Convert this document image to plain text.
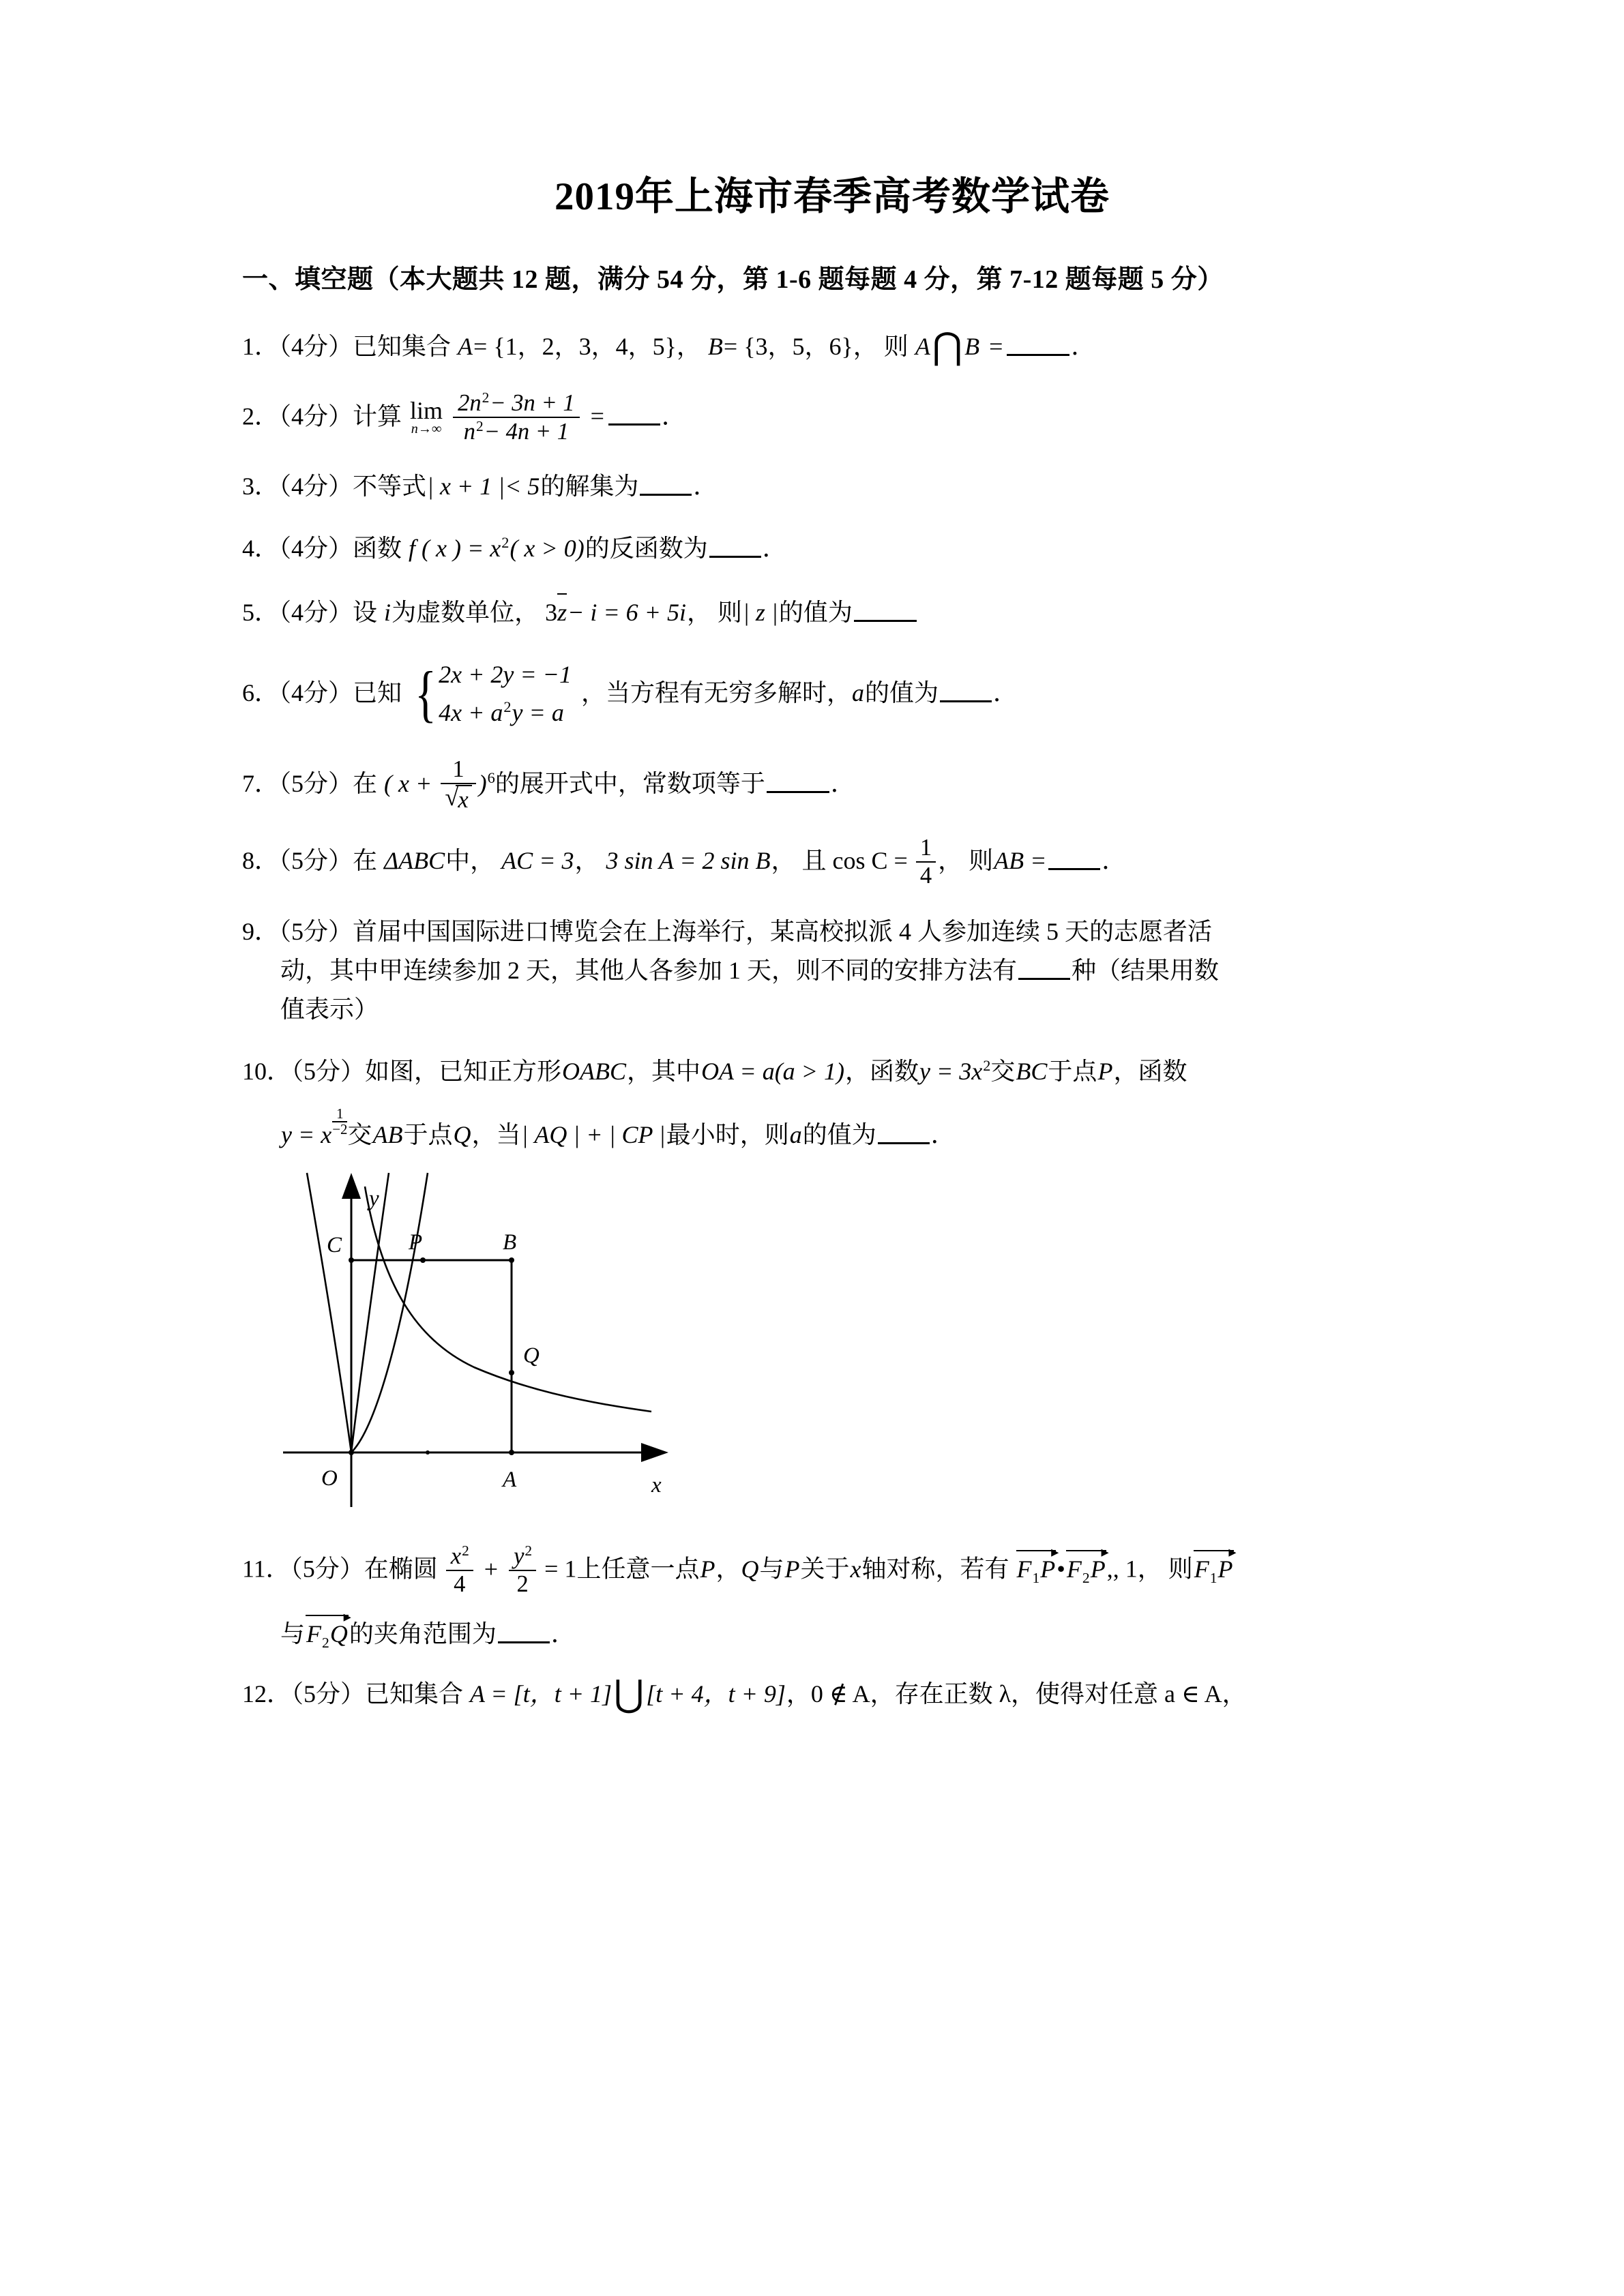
2019年上海市春季高考数学试卷
一、填空题（本大题共 12 题，满分 54 分，第 1-6 题每题 4 分，第 7-12 题每题 5 分）
1．（4分）已知集合 A= {1，2，3，4，5}， B= {3，5，6}， 则 A⋂B =	．
2．（4分）计算 lim
n→∞
$\frac{2n^2- 3n + 1}{n^2- 4n + 1}$ = ．
3．（4分）不等式| x + 1 |< 5的解集为 ．
4．（4分）函数 f ( x ) = $x^2$( x > 0)的反函数为 ．
5．（4分）设 i为虚数单位， 3z− i = 6 + 5i， 则| z |的值为
6．（4分）已知 { 2x + 2y = −1
$4x + a^2y = a$
，当方程有无穷多解时，a的值为 ．
7．（5分）在 ( $x + \frac{1}{√ x} )^6$的展开式中，常数项等于	．
8．（5分）在 ΔABC中， AC = 3， 3 sin A = 2 sin B， 且 $\cos C = \frac{1}{4}$ ， 则AB = ．
9．（5分）首届中国国际进口博览会在上海举行，某高校拟派 4 人参加连续 5 天的志愿者活
动，其中甲连续参加 2 天，其他人各参加 1 天，则不同的安排方法有 种（结果用数
值表示）
10．（5分）如图，已知正方形OABC，其中OA = a(a > 1)，函数$y = 3x^2$交BC于点P，函数
y = x $\frac{1}{-2}$ 交AB于点Q，当| AQ | + | CP |最小时，则a的值为 ．
C	P	B
Q
O	A
y
x
11．（5分）在椭圆 $\frac{x^2}{4} + \frac{y^2}{2} = 1$上任意一点P，Q与P关于x轴对称，若有
▸
$F_1P•$
▸
$F_2P$,, 1， 则
▸
$F_1P$
与
▸
$F_2Q$的夹角范围为 ．
12．（5分）已知集合 A = [t，t + 1]⋃[t + 4，t + 9]，0 ∉ A，存在正数 λ，使得对任意 a ∈ A，
